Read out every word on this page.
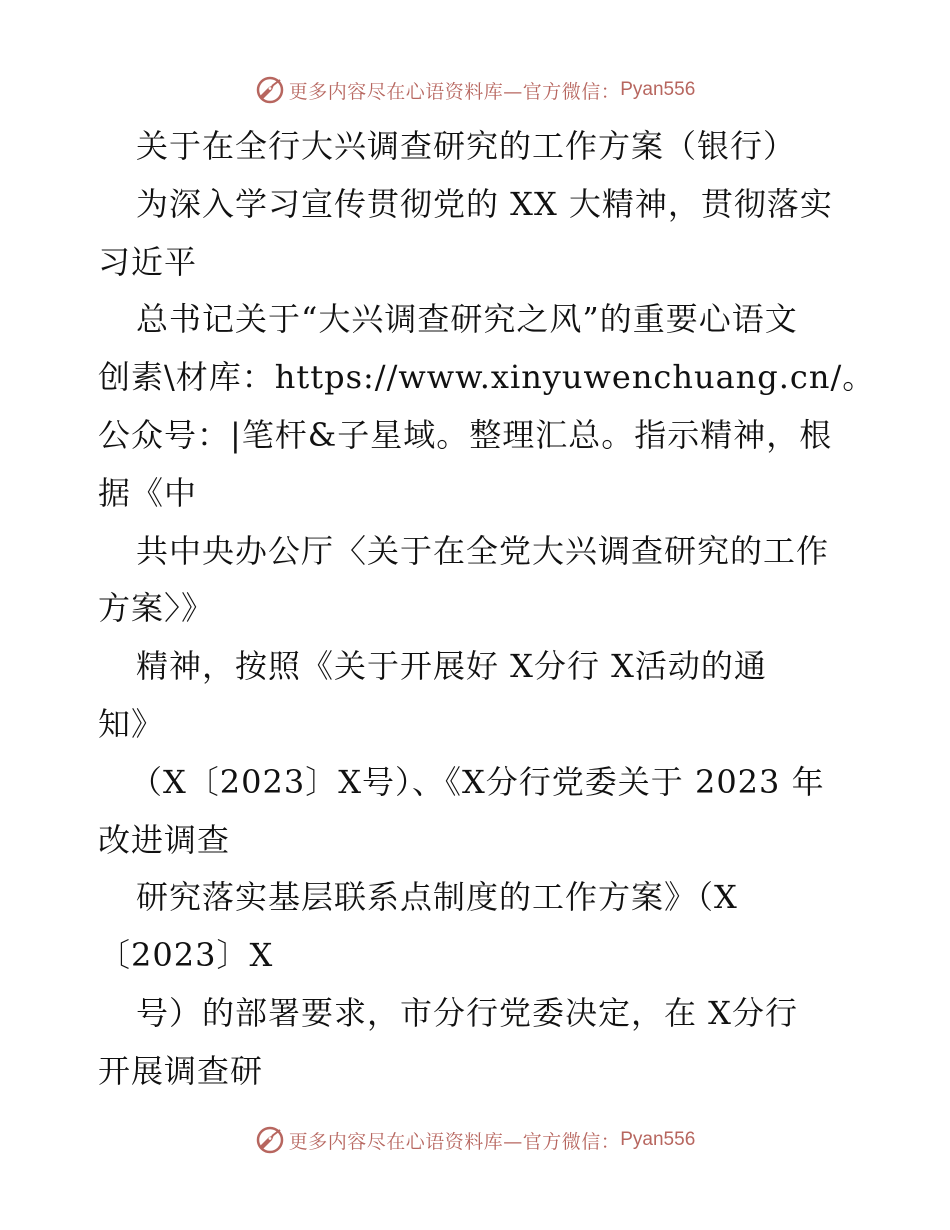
更多内容尽在心语资料库— 官方微信： Pyan556
关于在全行大兴调查研究的工作方案（银行）
为深入学习宣传贯彻党的 XX 大精神，贯彻落实
习近平
总书记关于“大兴调查研究之风”的重要心语文
创素\材库：https://www.xinyuwenchuang.cn/。
公众号：|笔杆&子星域。整理汇总。指示精神，根
据《中
共中央办公厅〈关于在全党大兴调查研究的工作
方案〉》
精神，按照《关于开展好 X分行 X活动的通
知》
（X〔2023〕X号）、《X分行党委关于 2023 年
改进调查
研究落实基层联系点制度的工作方案》（X
〔2023〕X
号）的部署要求，市分行党委决定，在 X分行
开展调查研
更多内容尽在心语资料库— 官方微信： Pyan556
